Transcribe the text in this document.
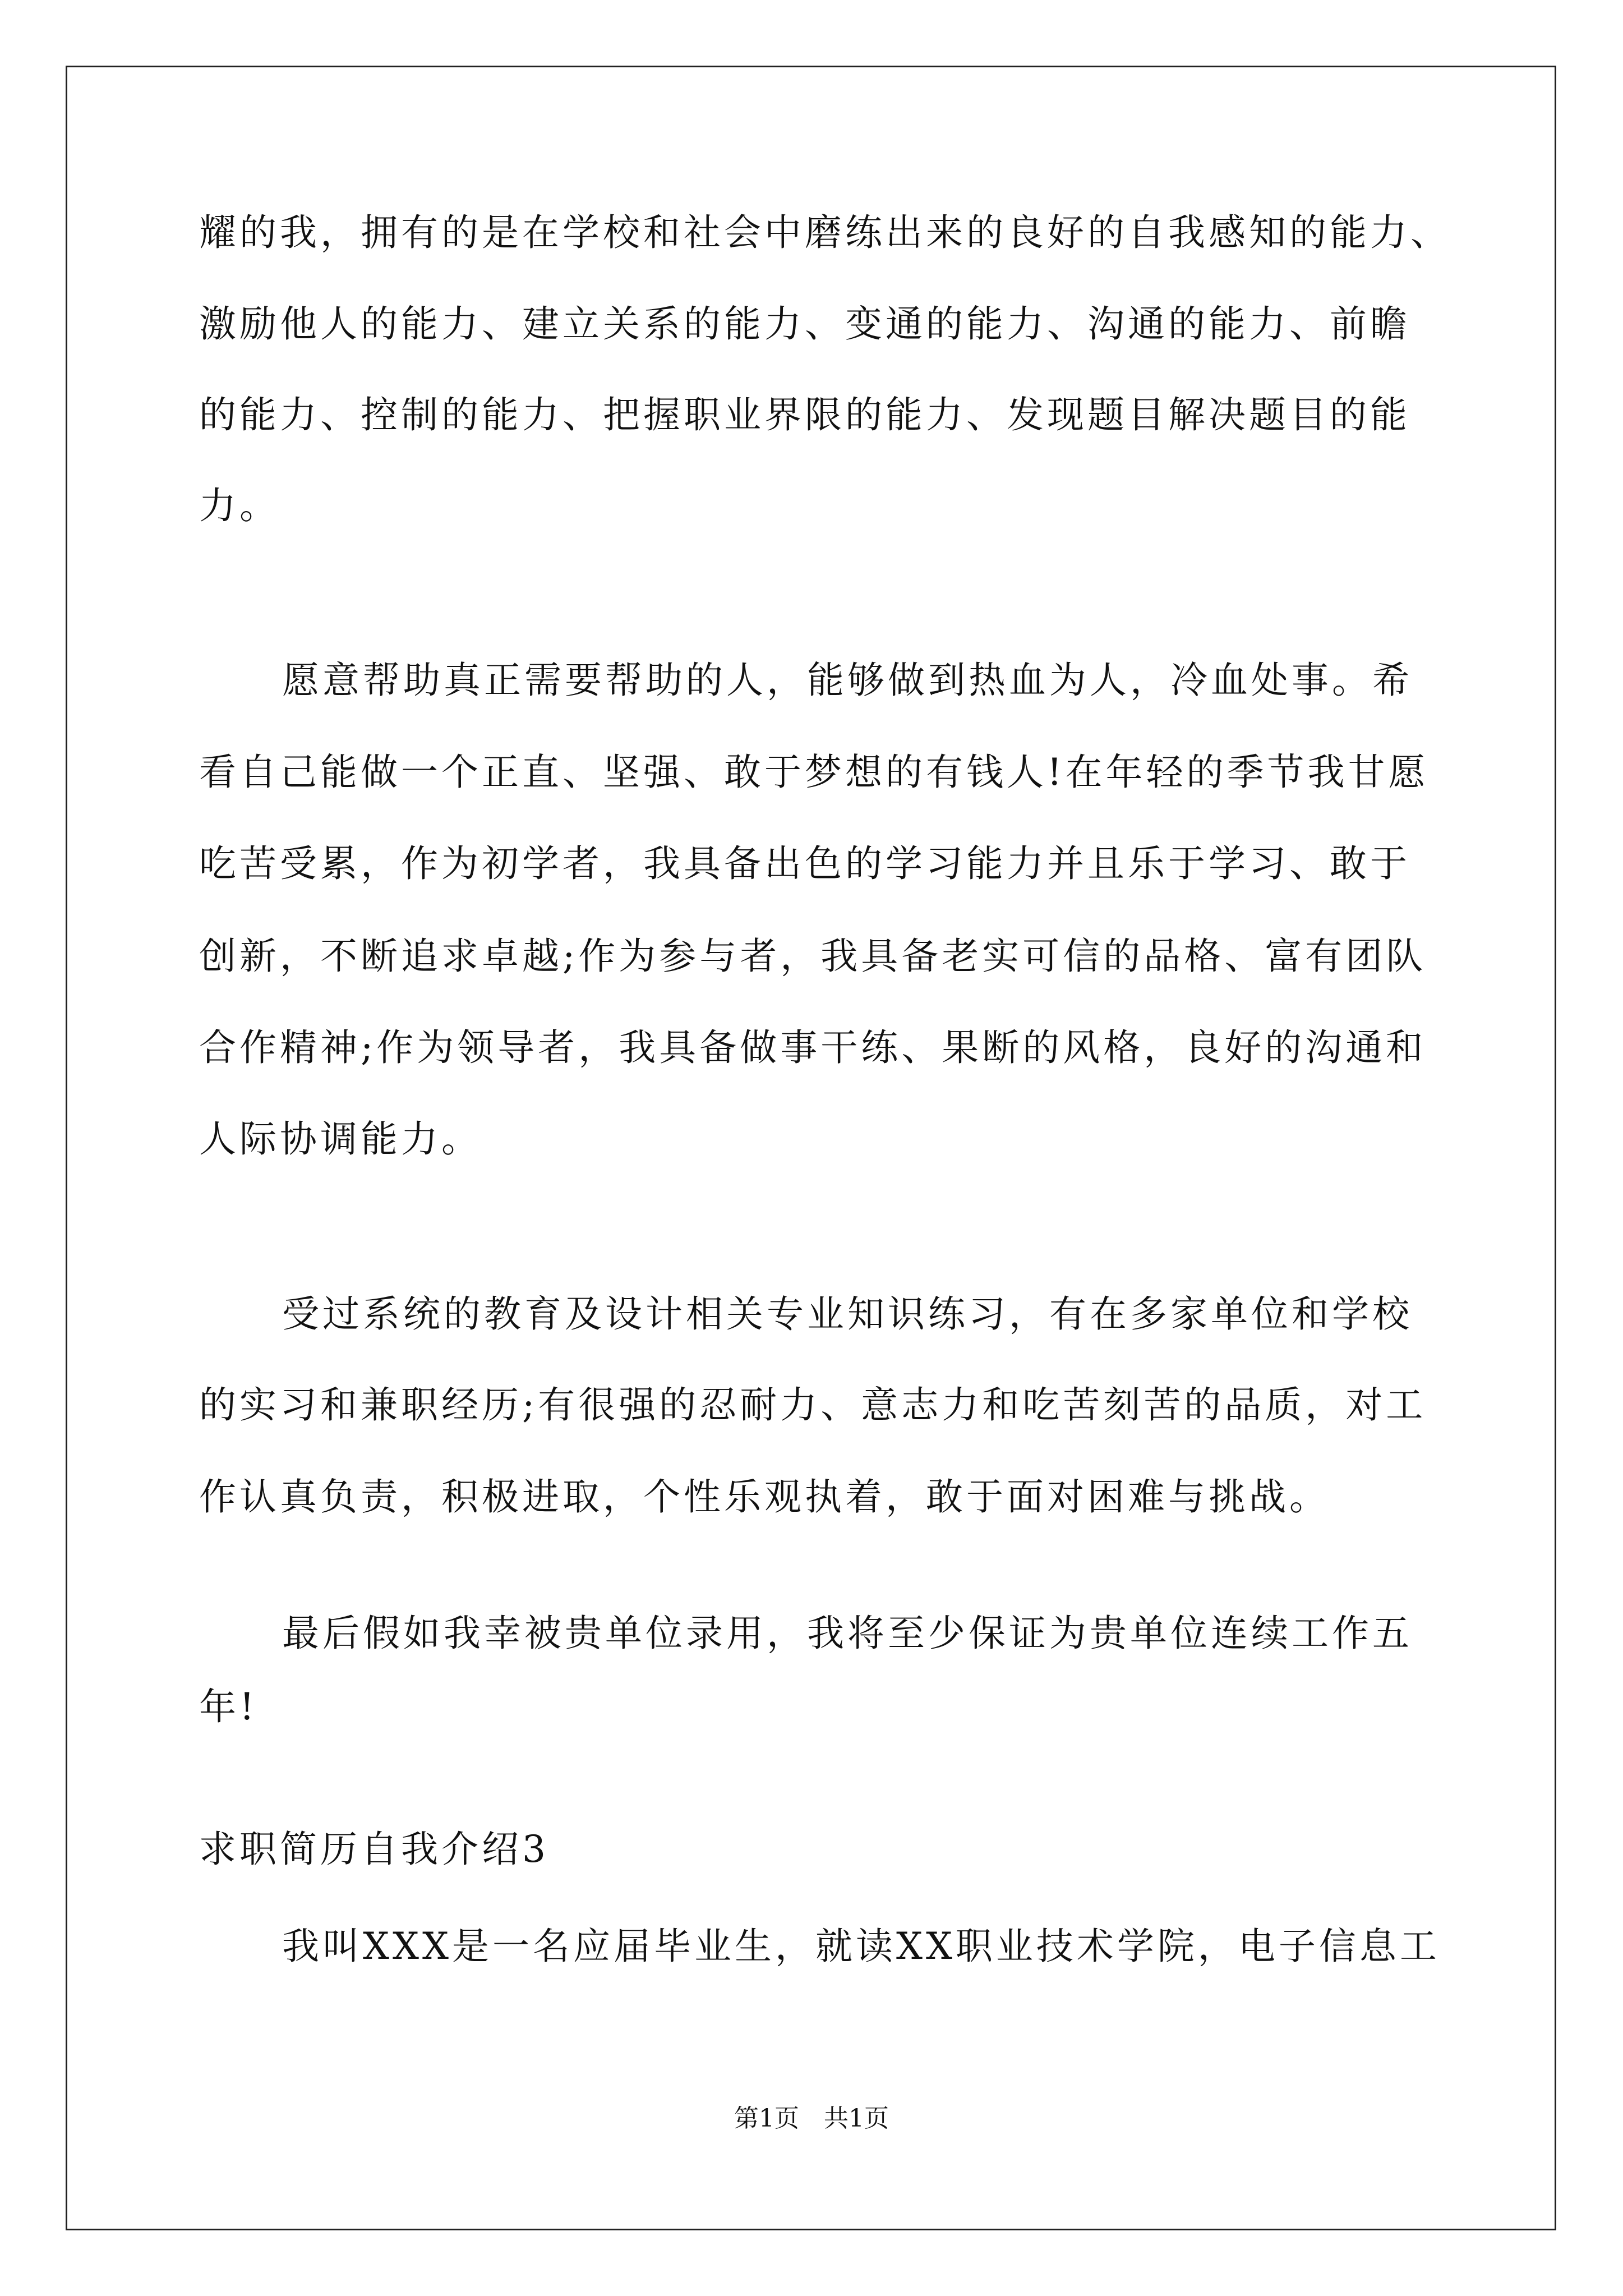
耀的我，拥有的是在学校和社会中磨练出来的良好的自我感知的能力、
激励他人的能力、建立关系的能力、变通的能力、沟通的能力、前瞻
的能力、控制的能力、把握职业界限的能力、发现题目解决题目的能
力。
愿意帮助真正需要帮助的人，能够做到热血为人，冷血处事。希
看自己能做一个正直、坚强、敢于梦想的有钱人!在年轻的季节我甘愿
吃苦受累，作为初学者，我具备出色的学习能力并且乐于学习、敢于
创新，不断追求卓越;作为参与者，我具备老实可信的品格、富有团队
合作精神;作为领导者，我具备做事干练、果断的风格，良好的沟通和
人际协调能力。
受过系统的教育及设计相关专业知识练习，有在多家单位和学校
的实习和兼职经历;有很强的忍耐力、意志力和吃苦刻苦的品质，对工
作认真负责，积极进取，个性乐观执着，敢于面对困难与挑战。
最后假如我幸被贵单位录用，我将至少保证为贵单位连续工作五
年!
求职简历自我介绍3
我叫XXX是一名应届毕业生，就读XX职业技术学院，电子信息工
第1页　共1页
